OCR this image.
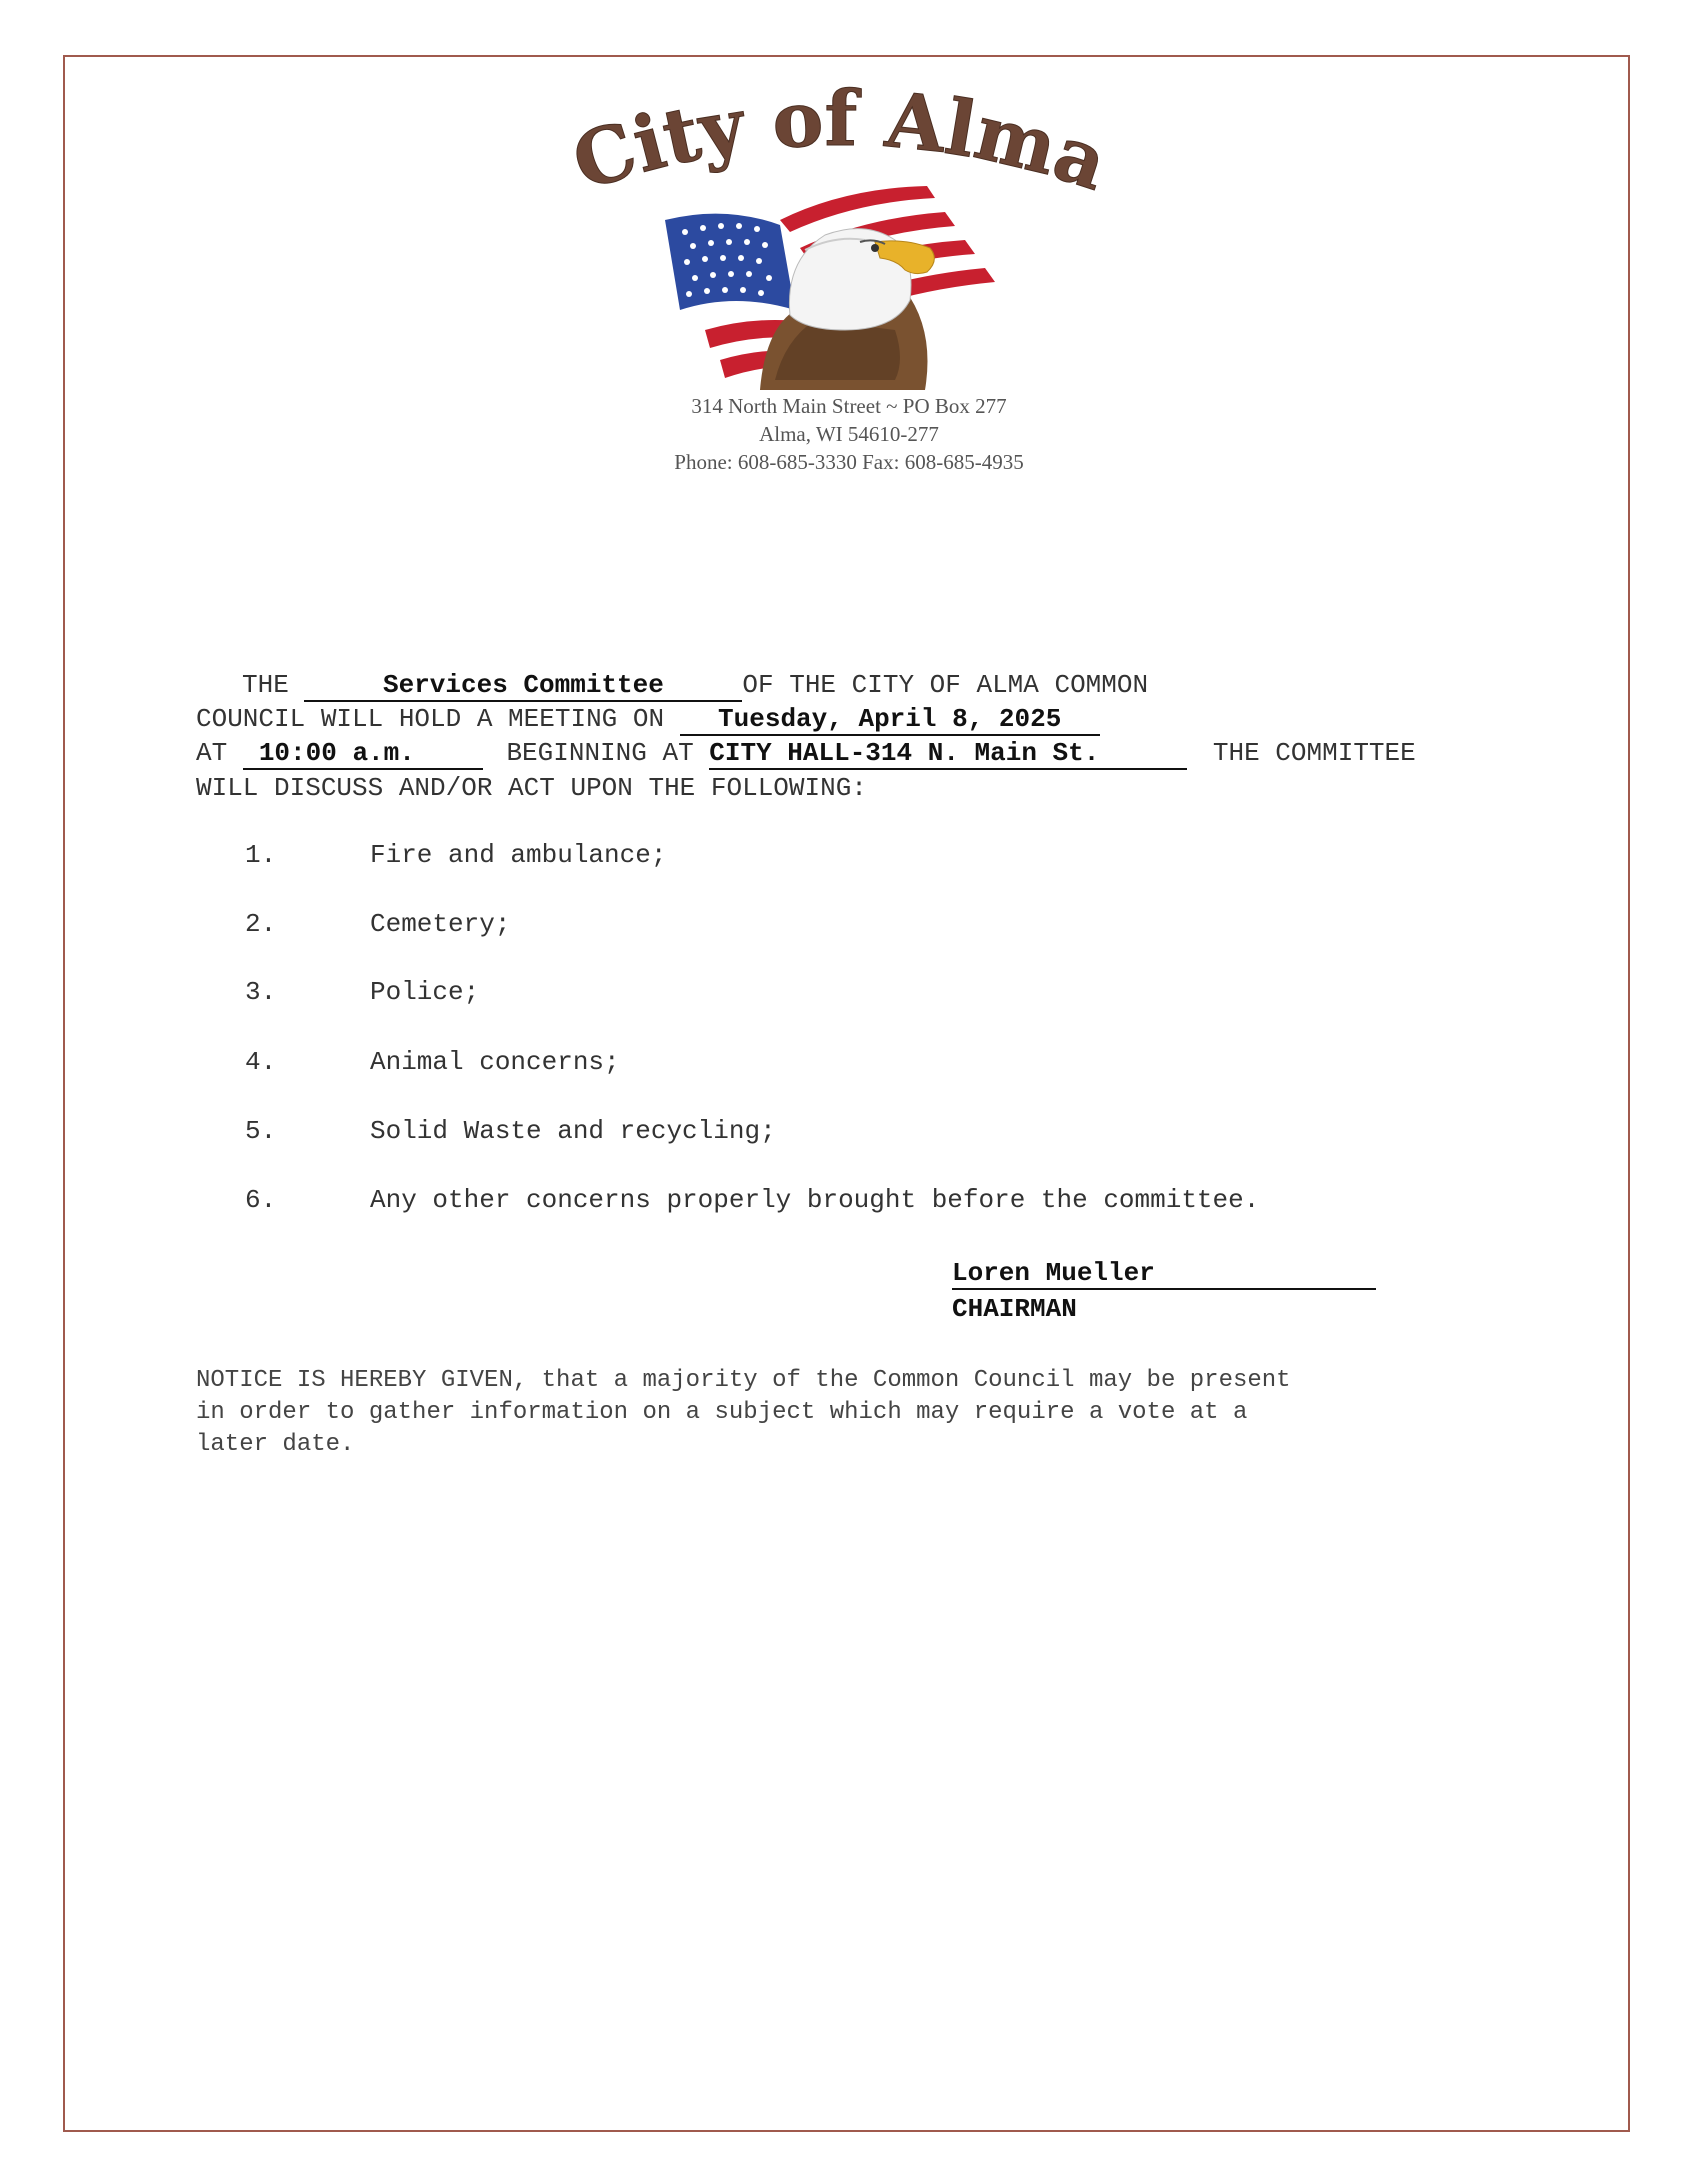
City of Alma
314 North Main Street ~ PO Box 277
Alma, WI 54610-277
Phone: 608-685-3330 Fax: 608-685-4935
THE	Services Committee	OF THE CITY OF ALMA COMMON
COUNCIL WILL HOLD A MEETING ON Tuesday, April 8, 2025
AT 10:00 a.m.	BEGINNING AT CITY HALL-314 N. Main St.	THE COMMITTEE
WILL DISCUSS AND/OR ACT UPON THE FOLLOWING:
1.	Fire and ambulance;
2.	Cemetery;
3.	Police;
4.	Animal concerns;
5.	Solid Waste and recycling;
6.	Any other concerns properly brought before the committee.
Loren Mueller
CHAIRMAN
NOTICE IS HEREBY GIVEN, that a majority of the Common Council may be present
in order to gather information on a subject which may require a vote at a
later date.
